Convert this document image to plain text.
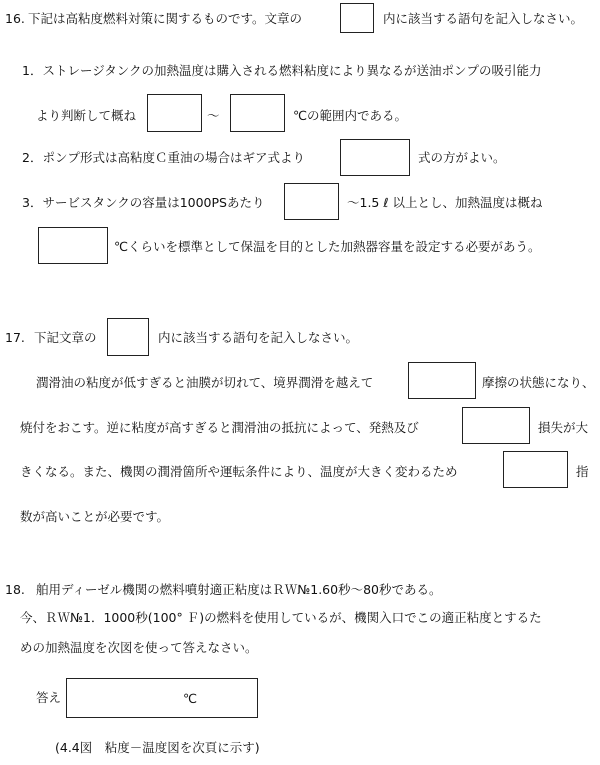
16. 下記は高粘度燃料対策に関するものです。文章の	内に該当する語句を記入しなさい。
1．ストレージタンクの加熱温度は購入される燃料粘度により異なるが送油ポンプの吸引能力
より判断して概ね	～	℃の範囲内である。
2．ポンプ形式は高粘度Ｃ重油の場合はギア式より	式の方がよい。
3．サービスタンクの容量は1000PSあたり	～1.5 ℓ 以上とし、加熱温度は概ね
℃くらいを標準として保温を目的とした加熱器容量を設定する必要があう。
17. 下記文章の	内に該当する語句を記入しなさい。
潤滑油の粘度が低すぎると油膜が切れて、境界潤滑を越えて	摩擦の状態になり、
焼付をおこす。逆に粘度が高すぎると潤滑油の抵抗によって、発熱及び	損失が大
きくなる。また、機関の潤滑箇所や運転条件により、温度が大きく変わるため	指
数が高いことが必要です。
18. 舶用ディーゼル機関の燃料噴射適正粘度はＲＷ№1.60秒～80秒である。
今、ＲＷ№1．1000秒(100° Ｆ)の燃料を使用しているが、機関入口でこの適正粘度とするた
めの加熱温度を次図を使って答えなさい。
答え	℃
(4.4図　粘度－温度図を次頁に示す)
